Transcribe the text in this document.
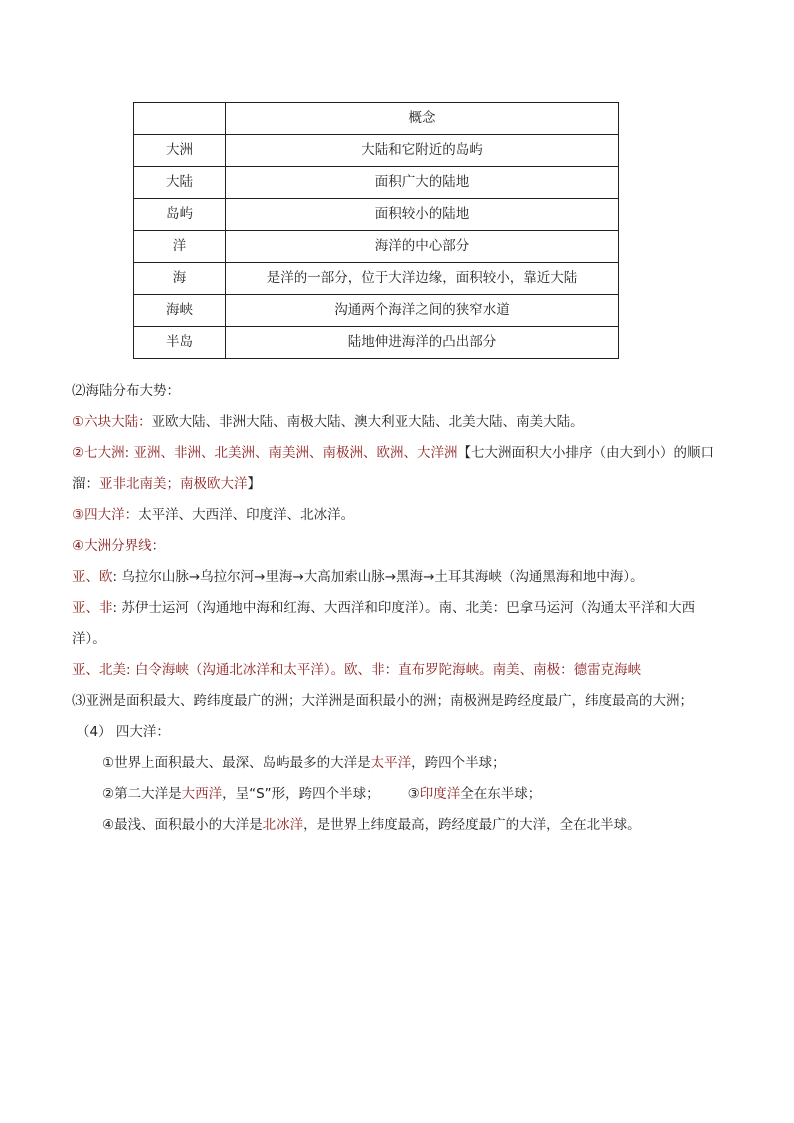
	概念
大洲	大陆和它附近的岛屿
大陆	面积广大的陆地
岛屿	面积较小的陆地
洋	海洋的中心部分
海	是洋的一部分，位于大洋边缘，面积较小，靠近大陆
海峡	沟通两个海洋之间的狭窄水道
半岛	陆地伸进海洋的凸出部分

⑵海陆分布大势：

①六块大陆：亚欧大陆、非洲大陆、南极大陆、澳大利亚大陆、北美大陆、南美大陆。

②七大洲: 亚洲、非洲、北美洲、南美洲、南极洲、欧洲、大洋洲【七大洲面积大小排序（由大到小）的顺口溜：亚非北南美；南极欧大洋】

③四大洋：太平洋、大西洋、印度洋、北冰洋。

④大洲分界线：

亚、欧: 乌拉尔山脉→乌拉尔河→里海→大高加索山脉→黑海→土耳其海峡（沟通黑海和地中海）。

亚、非: 苏伊士运河（沟通地中海和红海、大西洋和印度洋）。南、北美：巴拿马运河（沟通太平洋和大西洋）。

亚、北美: 白令海峡（沟通北冰洋和太平洋）。欧、非：直布罗陀海峡。南美、南极：德雷克海峡

⑶亚洲是面积最大、跨纬度最广的洲；大洋洲是面积最小的洲；南极洲是跨经度最广，纬度最高的大洲；

（4） 四大洋：

①世界上面积最大、最深、岛屿最多的大洋是太平洋，跨四个半球；

②第二大洋是大西洋，呈“S”形，跨四个半球； ③印度洋全在东半球；

④最浅、面积最小的大洋是北冰洋，是世界上纬度最高，跨经度最广的大洋，全在北半球。
